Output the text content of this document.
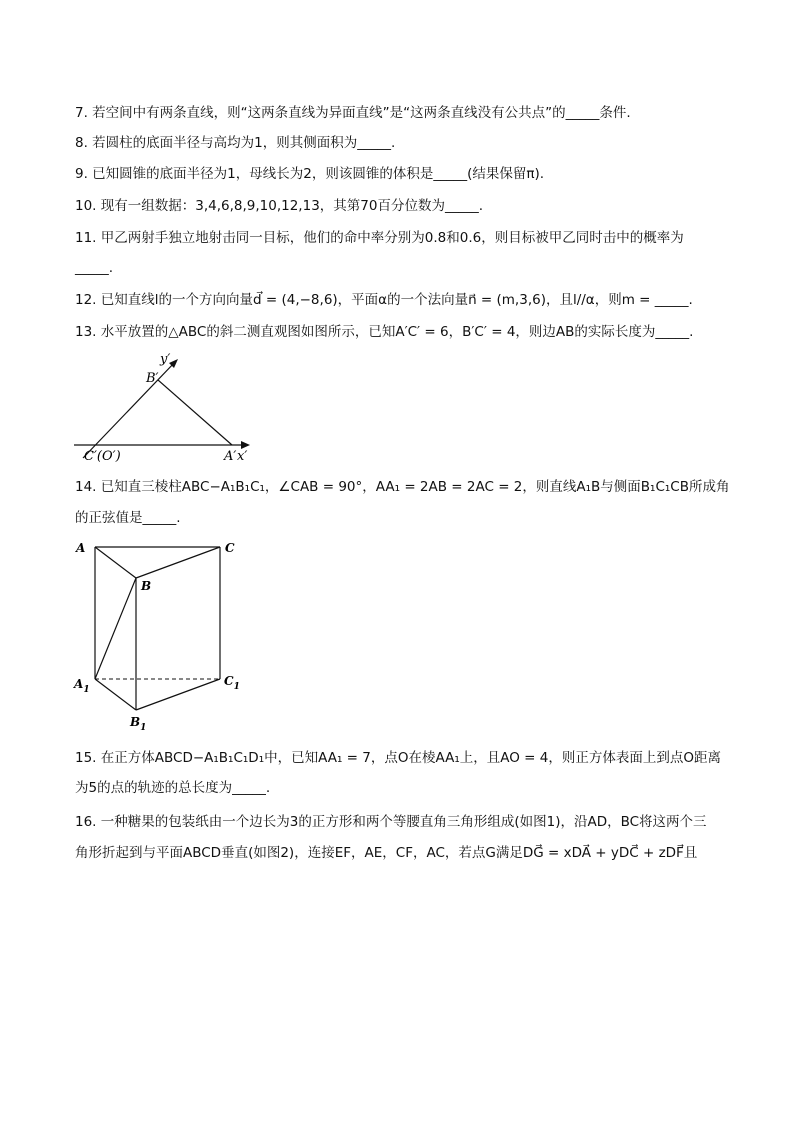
7. 若空间中有两条直线，则“这两条直线为异面直线”是“这两条直线没有公共点”的_____条件.
8. 若圆柱的底面半径与高均为1，则其侧面积为_____.
9. 已知圆锥的底面半径为1，母线长为2，则该圆锥的体积是_____(结果保留π).
10. 现有一组数据：3,4,6,8,9,10,12,13，其第70百分位数为_____.
11. 甲乙两射手独立地射击同一目标，他们的命中率分别为0.8和0.6，则目标被甲乙同时击中的概率为
_____.
12. 已知直线l的一个方向向量d⃗ = (4,−8,6)，平面α的一个法向量n⃗ = (m,3,6)，且l//α，则m = _____.
13. 水平放置的△ABC的斜二测直观图如图所示，已知A′C′ = 6，B′C′ = 4，则边AB的实际长度为_____.
y′
B′
C′(O′)	A′ x′
14. 已知直三棱柱ABC−A₁B₁C₁，∠CAB = 90°，AA₁ = 2AB = 2AC = 2，则直线A₁B与侧面B₁C₁CB所成角
的正弦值是_____.
A	C
B
$A_1$
$C_1$
$B_1$
15. 在正方体ABCD−A₁B₁C₁D₁中，已知AA₁ = 7，点O在棱AA₁上，且AO = 4，则正方体表面上到点O距离
为5的点的轨迹的总长度为_____.
16. 一种糖果的包装纸由一个边长为3的正方形和两个等腰直角三角形组成(如图1)，沿AD，BC将这两个三
角形折起到与平面ABCD垂直(如图2)，连接EF，AE，CF，AC，若点G满足DG⃗ = xDA⃗ + yDC⃗ + zDF⃗且
